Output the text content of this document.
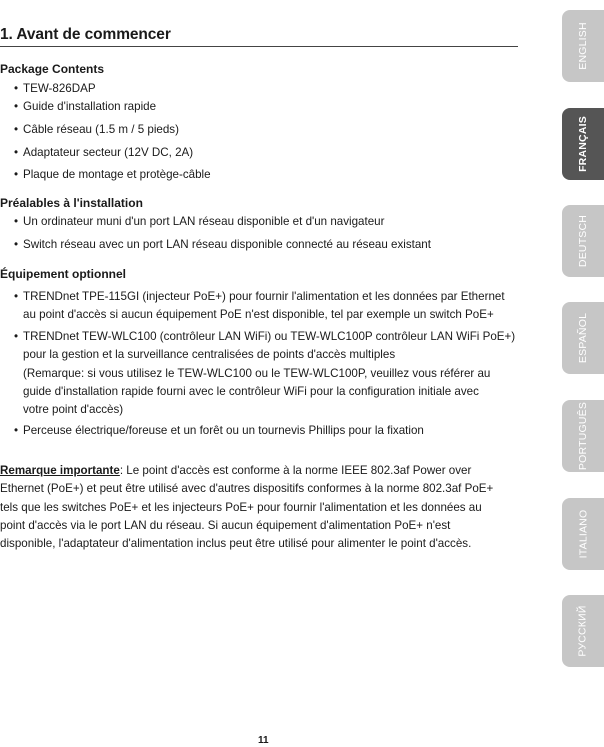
1. Avant de commencer
Package Contents
• TEW-826DAP
• Guide d'installation rapide
• Câble réseau (1.5 m / 5 pieds)
• Adaptateur secteur (12V DC, 2A)
• Plaque de montage et protège-câble
Préalables à l'installation
• Un ordinateur muni d'un port LAN réseau disponible et d'un navigateur
• Switch réseau avec un port LAN réseau disponible connecté au réseau existant
Équipement optionnel
• TRENDnet TPE-115GI (injecteur PoE+) pour fournir l'alimentation et les données par Ethernet
au point d'accès si aucun équipement PoE n'est disponible, tel par exemple un switch PoE+
• TRENDnet TEW-WLC100 (contrôleur LAN WiFi) ou TEW-WLC100P contrôleur LAN WiFi PoE+)
pour la gestion et la surveillance centralisées de points d'accès multiples
(Remarque: si vous utilisez le TEW-WLC100 ou le TEW-WLC100P, veuillez vous référer au
guide d'installation rapide fourni avec le contrôleur WiFi pour la configuration initiale avec
votre point d'accès)
• Perceuse électrique/foreuse et un forêt ou un tournevis Phillips pour la fixation
Remarque importante: Le point d'accès est conforme à la norme IEEE 802.3af Power over
Ethernet (PoE+) et peut être utilisé avec d'autres dispositifs conformes à la norme 802.3af PoE+
tels que les switches PoE+ et les injecteurs PoE+ pour fournir l'alimentation et les données au
point d'accès via le port LAN du réseau. Si aucun équipement d'alimentation PoE+ n'est
disponible, l'adaptateur d'alimentation inclus peut être utilisé pour alimenter le point d'accès.
11
ENGLISH
FRANÇAIS
DEUTSCH
ESPAÑOL
PORTUGUÊS
ITALIANO
РУССКИЙ
